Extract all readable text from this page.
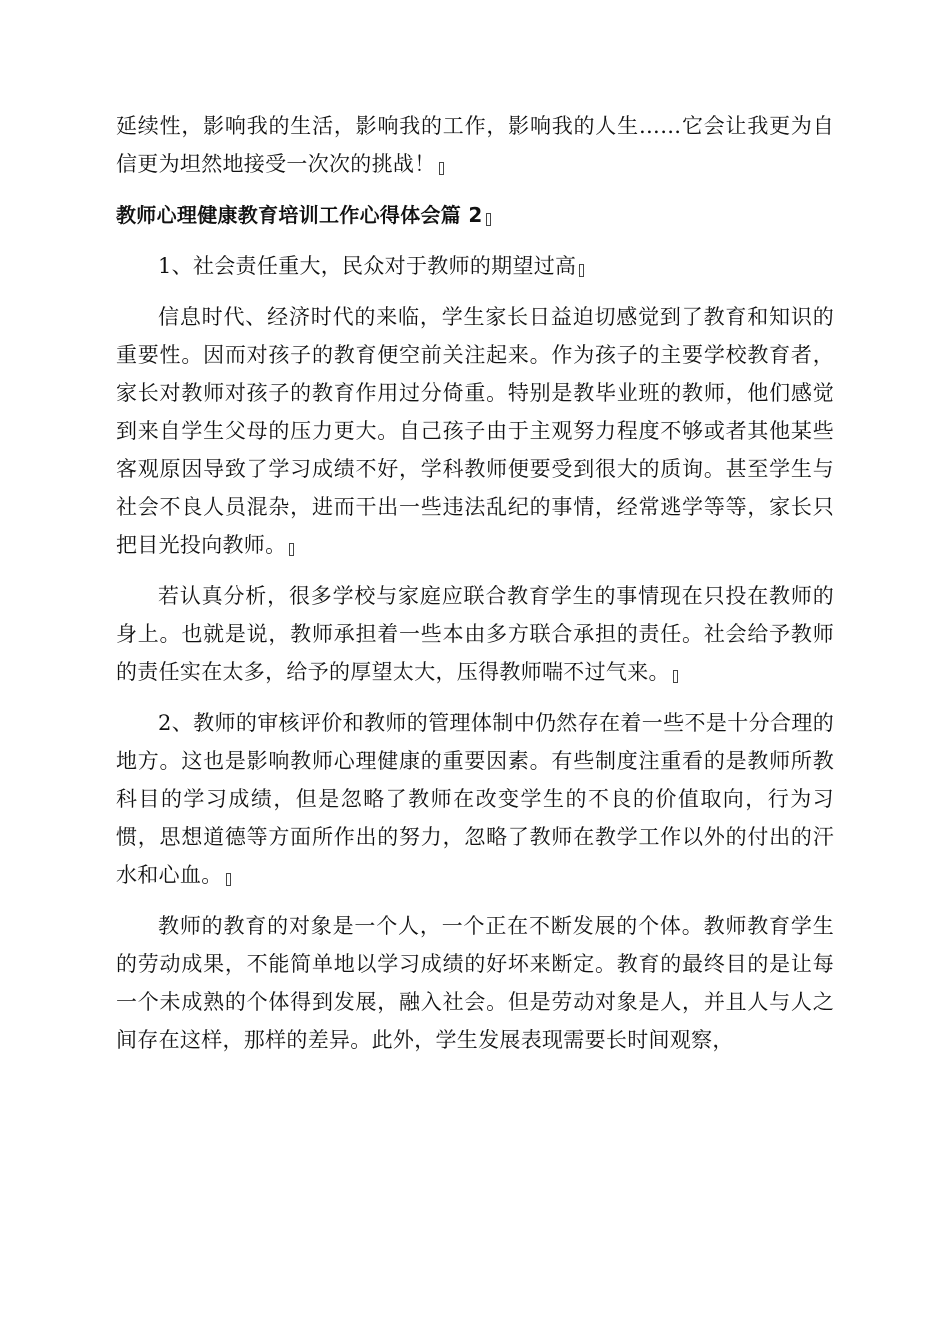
延续性，影响我的生活，影响我的工作，影响我的人生……它会让我更为自信更为坦然地接受一次次的挑战！

教师心理健康教育培训工作心得体会篇 2

1、社会责任重大，民众对于教师的期望过高

信息时代、经济时代的来临，学生家长日益迫切感觉到了教育和知识的重要性。因而对孩子的教育便空前关注起来。作为孩子的主要学校教育者，家长对教师对孩子的教育作用过分倚重。特别是教毕业班的教师，他们感觉到来自学生父母的压力更大。自己孩子由于主观努力程度不够或者其他某些客观原因导致了学习成绩不好，学科教师便要受到很大的质询。甚至学生与社会不良人员混杂，进而干出一些违法乱纪的事情，经常逃学等等，家长只把目光投向教师。

若认真分析，很多学校与家庭应联合教育学生的事情现在只投在教师的身上。也就是说，教师承担着一些本由多方联合承担的责任。社会给予教师的责任实在太多，给予的厚望太大，压得教师喘不过气来。

2、教师的审核评价和教师的管理体制中仍然存在着一些不是十分合理的地方。这也是影响教师心理健康的重要因素。有些制度注重看的是教师所教科目的学习成绩，但是忽略了教师在改变学生的不良的价值取向，行为习惯，思想道德等方面所作出的努力，忽略了教师在教学工作以外的付出的汗水和心血。

教师的教育的对象是一个人，一个正在不断发展的个体。教师教育学生的劳动成果，不能简单地以学习成绩的好坏来断定。教育的最终目的是让每一个未成熟的个体得到发展，融入社会。但是劳动对象是人，并且人与人之间存在这样，那样的差异。此外，学生发展表现需要长时间观察，
